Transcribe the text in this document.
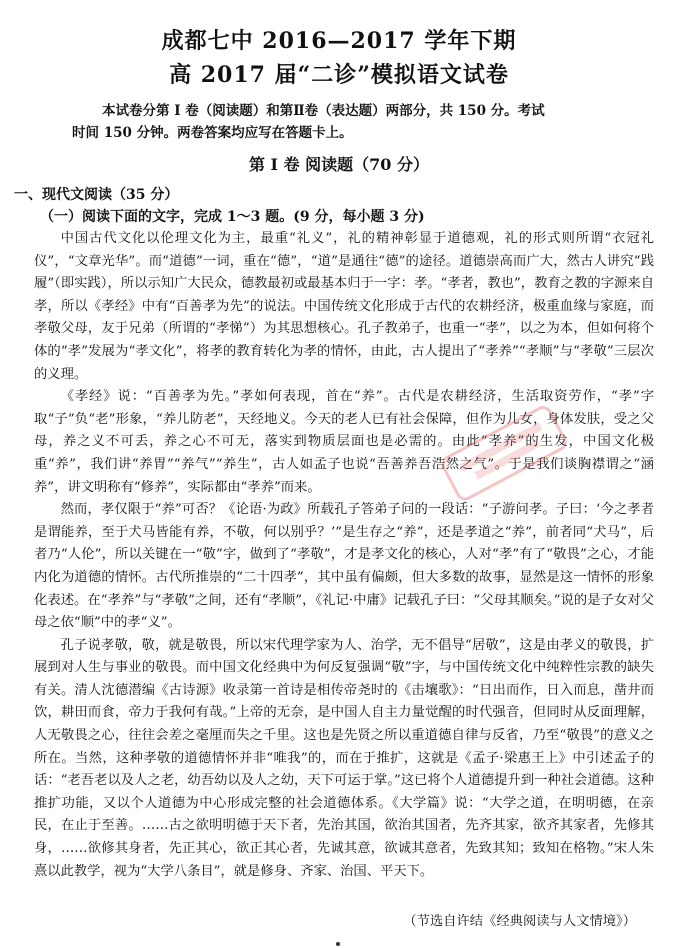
成都七中 2016—2017 学年下期
高 2017 届“二诊”模拟语文试卷
本试卷分第 I 卷（阅读题）和第Ⅱ卷（表达题）两部分，共 150 分。考试
时间 150 分钟。两卷答案均应写在答题卡上。
第 I 卷 阅读题（70 分）
一、现代文阅读（35 分）
（一）阅读下面的文字，完成 1～3 题。(9 分，每小题 3 分)

中国古代文化以伦理文化为主，最重“礼义”，礼的精神彰显于道德观，礼的形式则所谓“衣冠礼仪”，“文章光华”。而“道德”一词，重在“德”，“道”是通往“德”的途径。道德崇高而广大，然古人讲究“践履”（即实践），所以示知广大民众，德教最初或最基本归于一字：孝。“孝者，教也”，教育之教的字源来自孝，所以《孝经》中有“百善孝为先”的说法。中国传统文化形成于古代的农耕经济，极重血缘与家庭，而孝敬父母，友于兄弟（所谓的“孝悌”）为其思想核心。孔子教弟子，也重一“孝”，以之为本，但如何将个体的“孝”发展为“孝文化”，将孝的教育转化为孝的情怀，由此，古人提出了“孝养”“孝顺”与“孝敬”三层次的义理。

《孝经》说：“百善孝为先。”孝如何表现，首在“养”。古代是农耕经济，生活取资劳作，“孝”字取“子”负“老”形象，“养儿防老”，天经地义。今天的老人已有社会保障，但作为儿女，身体发肤，受之父母，养之义不可丢，养之心不可无，落实到物质层面也是必需的。由此“孝养”的生发，中国文化极重“养”，我们讲“养胃”“养气”“养生”，古人如孟子也说“吾善养吾浩然之气”。于是我们谈胸襟谓之“涵养”，讲文明称有“修养”，实际都由“孝养”而来。

然而，孝仅限于“养”可否？《论语·为政》所载孔子答弟子问的一段话：“子游问孝。子曰：‘今之孝者是谓能养，至于犬马皆能有养，不敬，何以别乎？’”是生存之“养”，还是孝道之“养”，前者同“犬马”，后者乃“人伦”，所以关键在一“敬”字，做到了“孝敬”，才是孝文化的核心，人对“孝”有了“敬畏”之心，才能内化为道德的情怀。古代所推崇的“二十四孝”，其中虽有偏颇，但大多数的故事，显然是这一情怀的形象化表述。在“孝养”与“孝敬”之间，还有“孝顺”，《礼记·中庸》记载孔子曰：“父母其顺矣。”说的是子女对父母之依“顺”中的孝“义”。

孔子说孝敬，敬，就是敬畏，所以宋代理学家为人、治学，无不倡导“居敬”，这是由孝义的敬畏，扩展到对人生与事业的敬畏。而中国文化经典中为何反复强调“敬”字，与中国传统文化中纯粹性宗教的缺失有关。清人沈德潜编《古诗源》收录第一首诗是相传帝尧时的《击壤歌》：“日出而作，日入而息，凿井而饮，耕田而食，帝力于我何有哉。”上帝的无奈，是中国人自主力量觉醒的时代强音，但同时从反面理解，人无敬畏之心，往往会差之毫厘而失之千里。这也是先贤之所以重道德自律与反省，乃至“敬畏”的意义之所在。当然，这种孝敬的道德情怀并非“唯我”的，而在于推扩，这就是《孟子·梁惠王上》中引述孟子的话：“老吾老以及人之老，幼吾幼以及人之幼，天下可运于掌。”这已将个人道德提升到一种社会道德。这种推扩功能，又以个人道德为中心形成完整的社会道德体系。《大学篇》说：“大学之道，在明明德，在亲民，在止于至善。……古之欲明明德于天下者，先治其国，欲治其国者，先齐其家，欲齐其家者，先修其身，……欲修其身者，先正其心，欲正其心者，先诚其意，欲诚其意者，先致其知；致知在格物。”宋人朱熹以此教学，视为“大学八条目”，就是修身、齐家、治国、平天下。

（节选自许结《经典阅读与人文情境》）
